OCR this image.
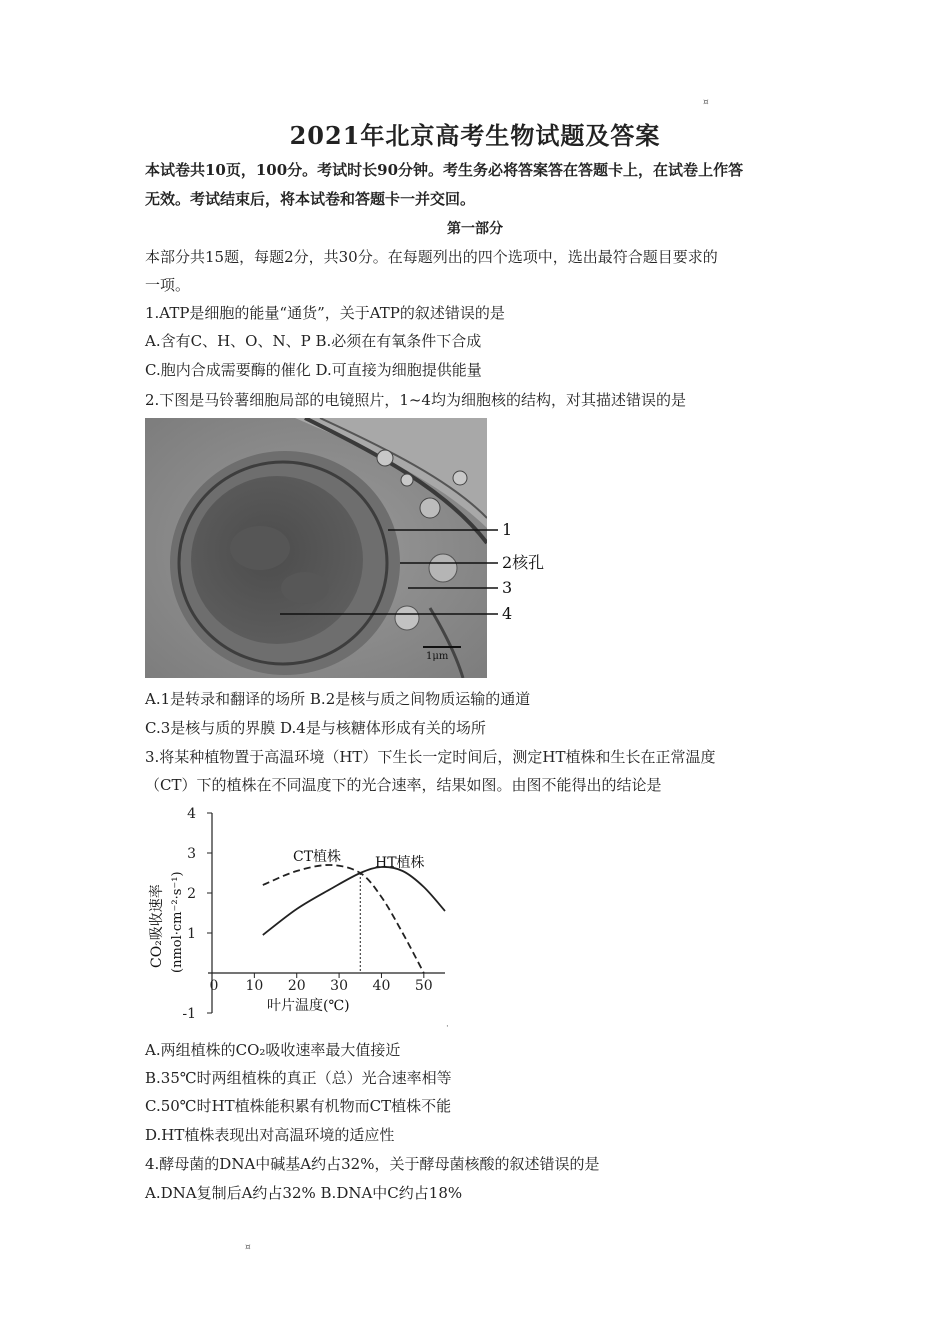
¤
2021年北京高考生物试题及答案
本试卷共10页，100分。考试时长90分钟。考生务必将答案答在答题卡上，在试卷上作答
无效。考试结束后，将本试卷和答题卡一并交回。
第一部分
本部分共15题，每题2分，共30分。在每题列出的四个选项中，选出最符合题目要求的
一项。
1.ATP是细胞的能量“通货”，关于ATP的叙述错误的是
A.含有C、H、O、N、P B.必须在有氧条件下合成
C.胞内合成需要酶的催化 D.可直接为细胞提供能量
2.下图是马铃薯细胞局部的电镜照片，1~4均为细胞核的结构，对其描述错误的是
1μm
1
2核孔
3
4
A.1是转录和翻译的场所 B.2是核与质之间物质运输的通道
C.3是核与质的界膜 D.4是与核糖体形成有关的场所
3.将某种植物置于高温环境（HT）下生长一定时间后，测定HT植株和生长在正常温度
（CT）下的植株在不同温度下的光合速率，结果如图。由图不能得出的结论是
-1
1
2
3
4
0 10 20 30 40 50
CO₂吸收速率 (nmol·cm⁻²·s⁻¹)
叶片温度(℃)
CT植株 HT植株
·
A.两组植株的CO₂吸收速率最大值接近
B.35℃时两组植株的真正（总）光合速率相等
C.50℃时HT植株能积累有机物而CT植株不能
D.HT植株表现出对高温环境的适应性
4.酵母菌的DNA中碱基A约占32%，关于酵母菌核酸的叙述错误的是
A.DNA复制后A约占32% B.DNA中C约占18%
¤
